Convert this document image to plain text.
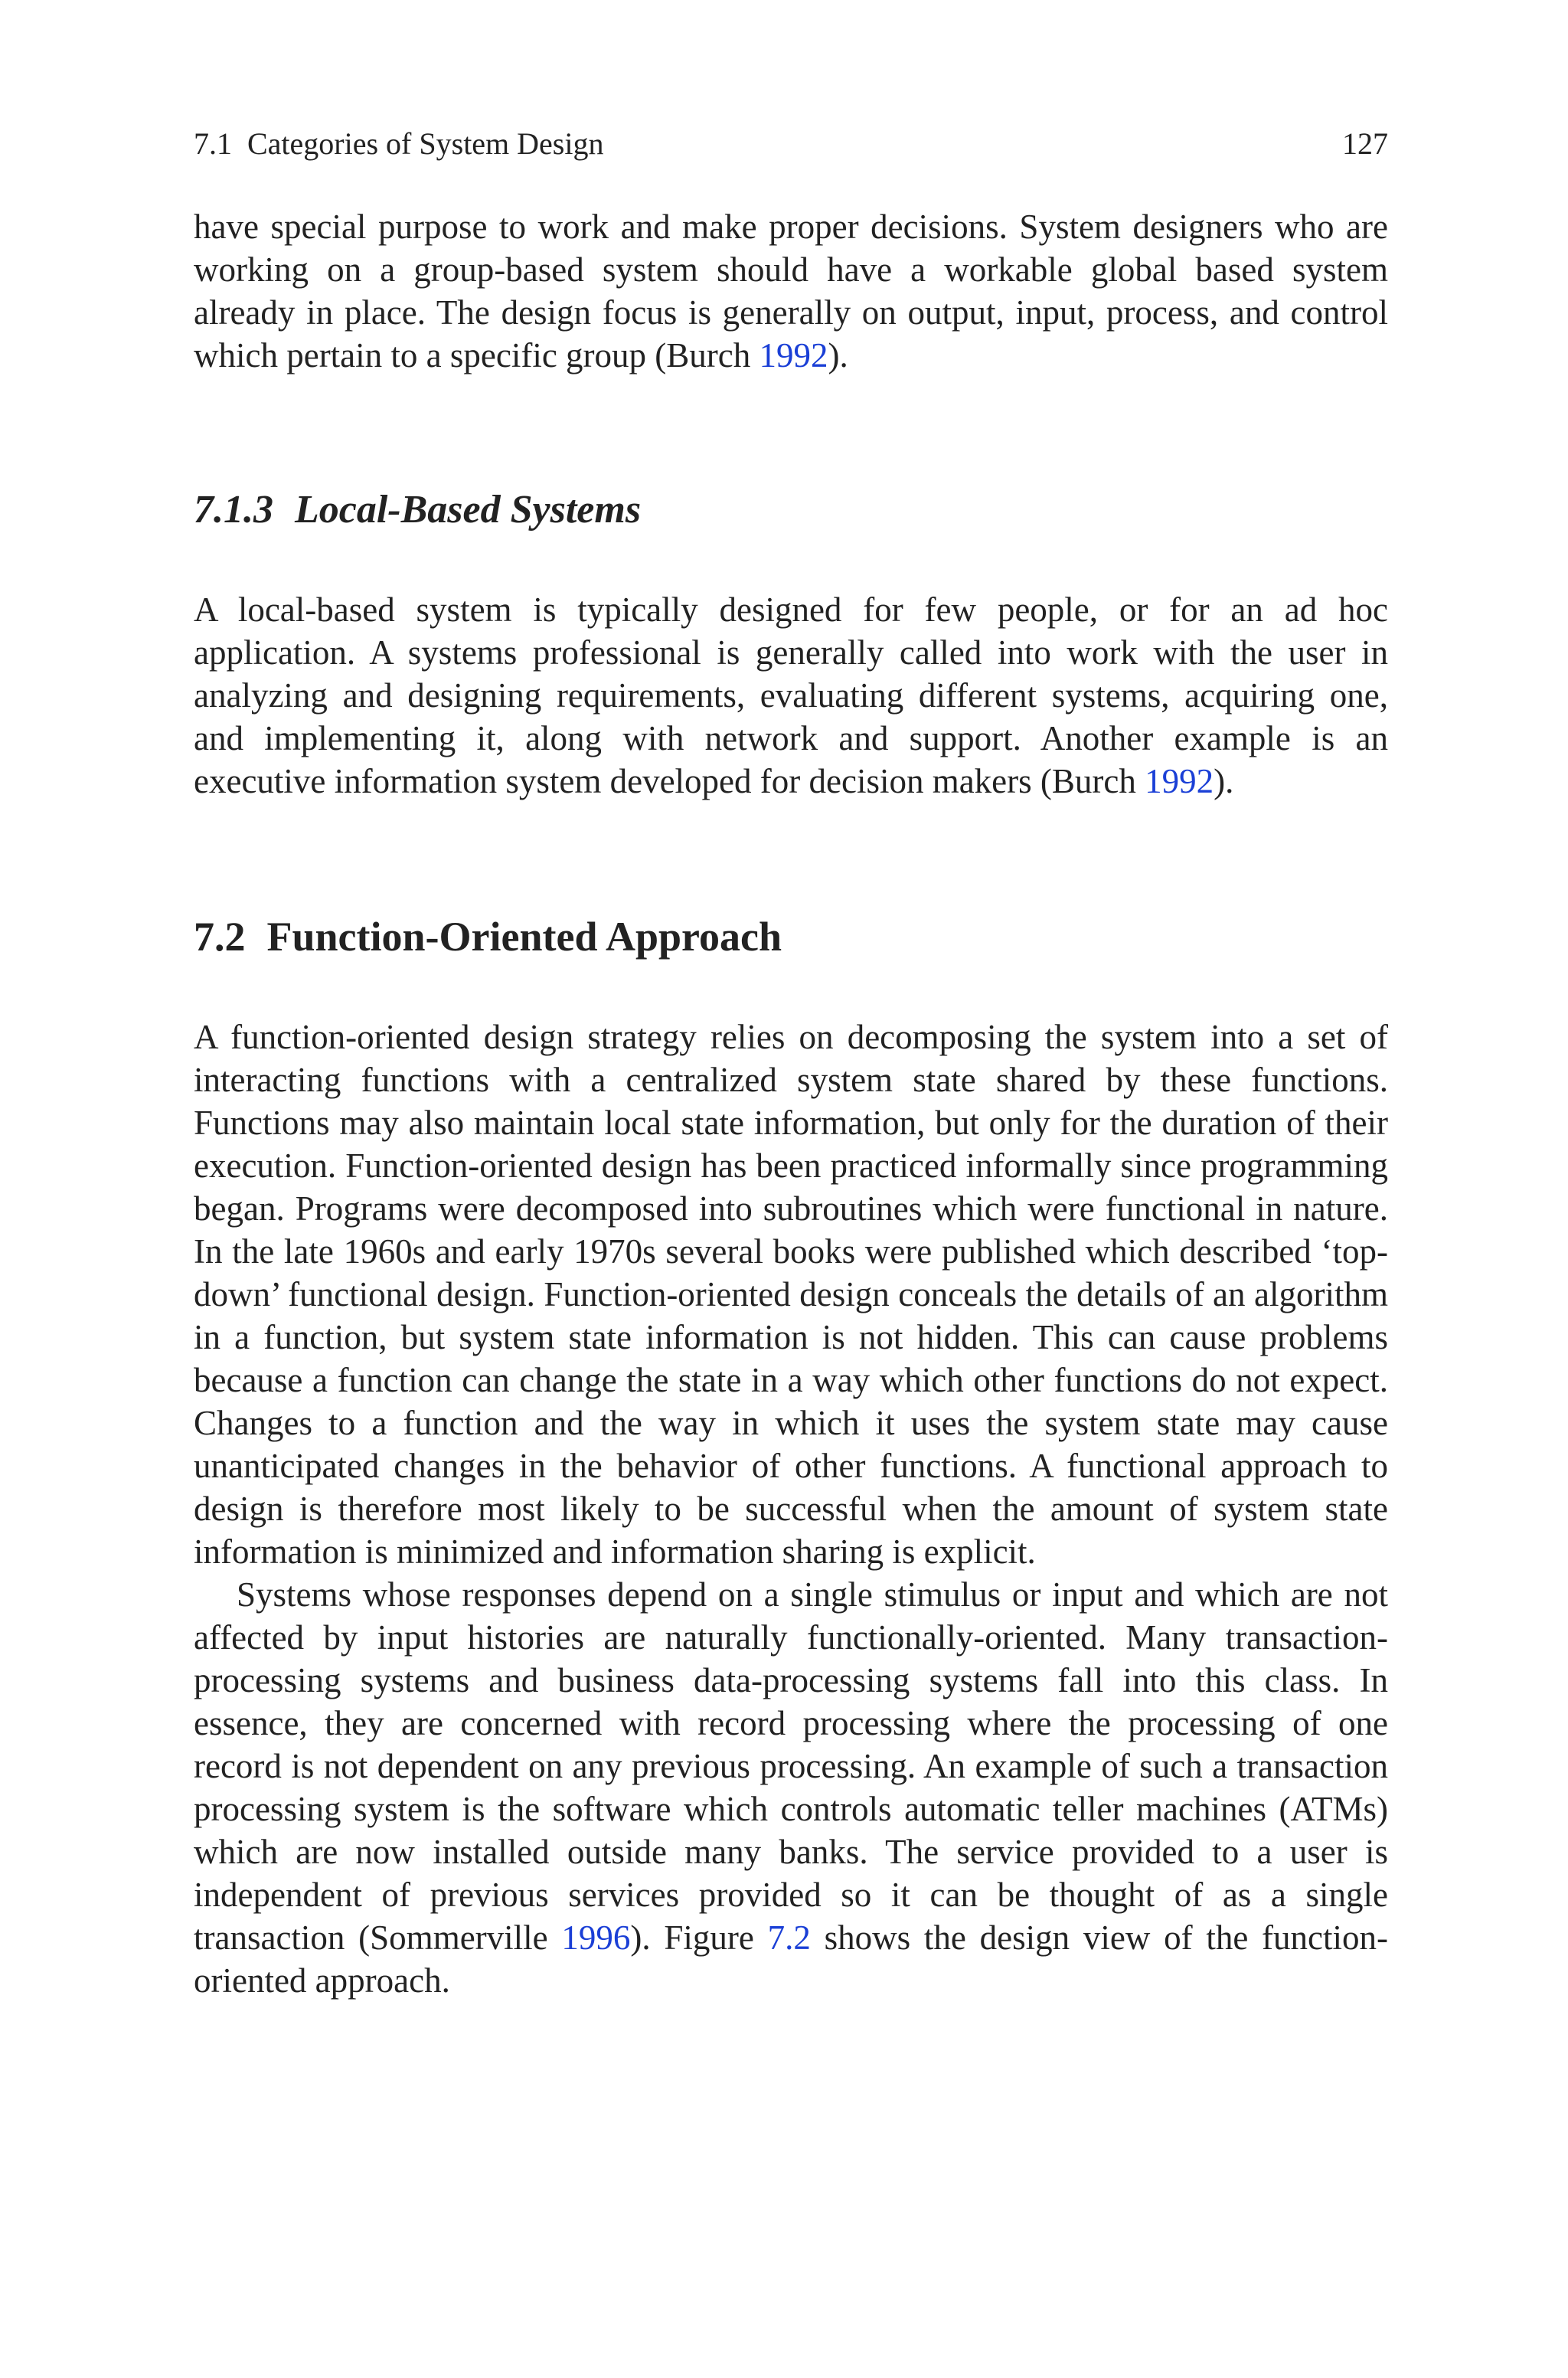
7.1 Categories of System Design	127

have special purpose to work and make proper decisions. System designers who are working on a group-based system should have a workable global based system already in place. The design focus is generally on output, input, process, and control which pertain to a specific group (Burch 1992).

7.1.3 Local-Based Systems

A local-based system is typically designed for few people, or for an ad hoc application. A systems professional is generally called into work with the user in analyzing and designing requirements, evaluating different systems, acquiring one, and implementing it, along with network and support. Another example is an executive information system developed for decision makers (Burch 1992).

7.2 Function-Oriented Approach

A function-oriented design strategy relies on decomposing the system into a set of interacting functions with a centralized system state shared by these functions. Functions may also maintain local state information, but only for the duration of their execution. Function-oriented design has been practiced informally since programming began. Programs were decomposed into subroutines which were functional in nature. In the late 1960s and early 1970s several books were published which described ‘top-down’ functional design. Function-oriented design conceals the details of an algorithm in a function, but system state information is not hidden. This can cause problems because a function can change the state in a way which other functions do not expect. Changes to a function and the way in which it uses the system state may cause unanticipated changes in the behavior of other functions. A functional approach to design is therefore most likely to be successful when the amount of system state information is minimized and information sharing is explicit.

Systems whose responses depend on a single stimulus or input and which are not affected by input histories are naturally functionally-oriented. Many transaction-processing systems and business data-processing systems fall into this class. In essence, they are concerned with record processing where the processing of one record is not dependent on any previous processing. An example of such a transaction processing system is the software which controls automatic teller machines (ATMs) which are now installed outside many banks. The service provided to a user is independent of previous services provided so it can be thought of as a single transaction (Sommerville 1996). Figure 7.2 shows the design view of the function-oriented approach.
